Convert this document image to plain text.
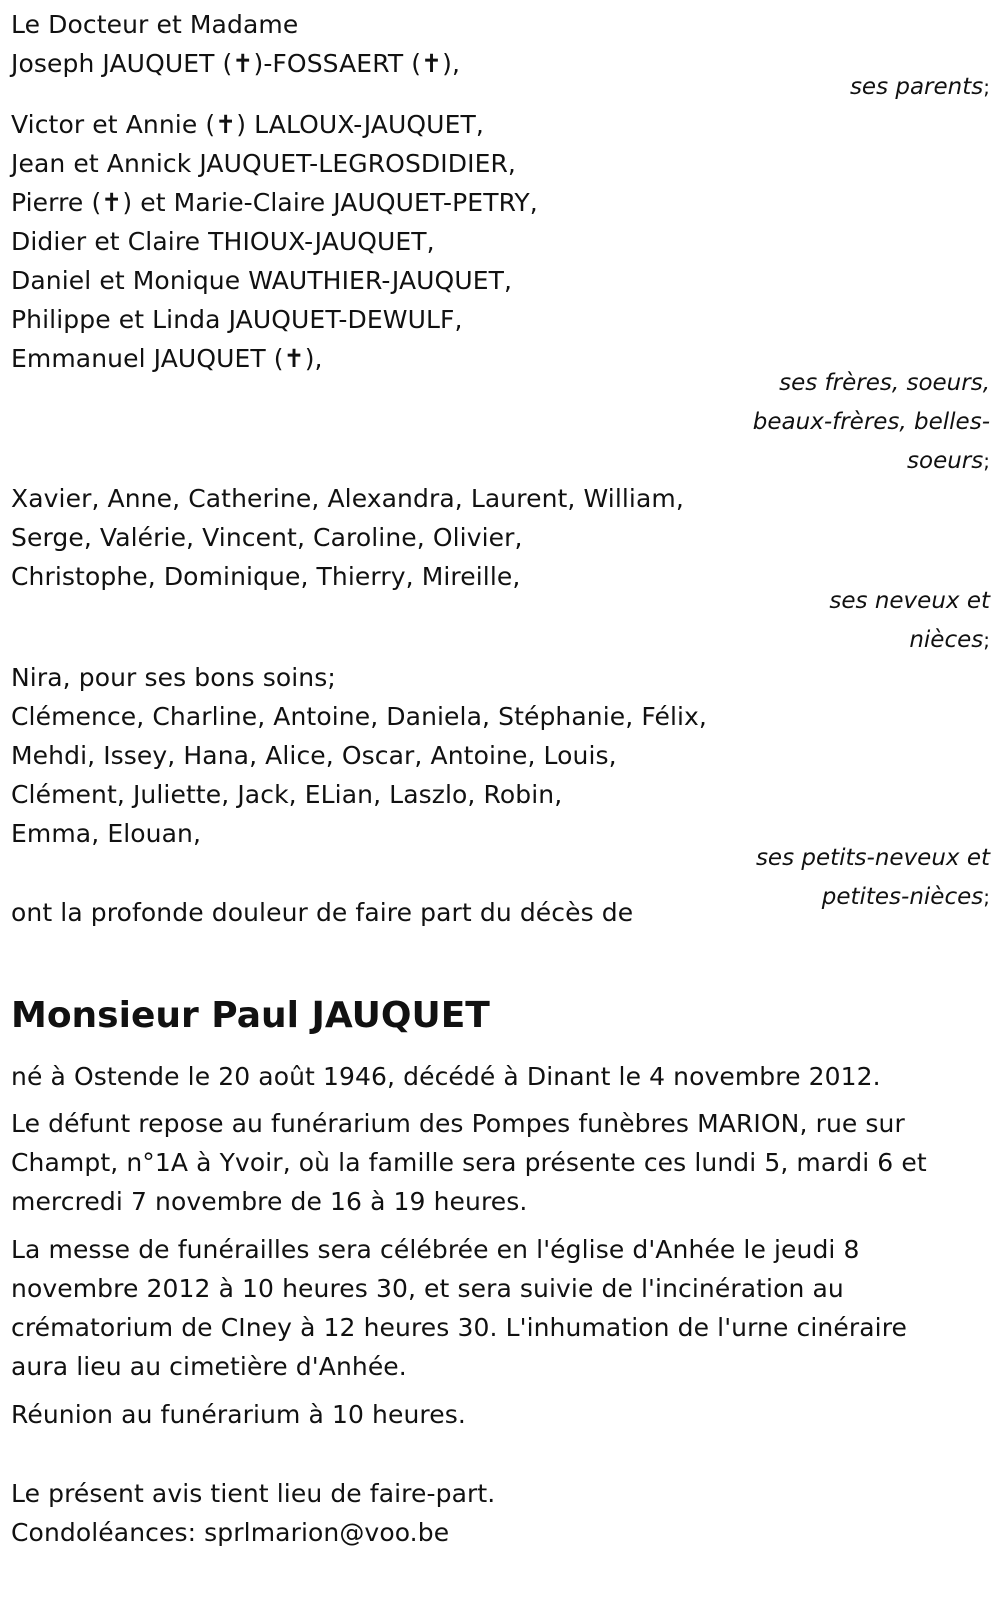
Le Docteur et Madame
Joseph JAUQUET (✝)-FOSSAERT (✝),
ses parents;
Victor et Annie (✝) LALOUX-JAUQUET,
Jean et Annick JAUQUET-LEGROSDIDIER,
Pierre (✝) et Marie-Claire JAUQUET-PETRY,
Didier et Claire THIOUX-JAUQUET,
Daniel et Monique WAUTHIER-JAUQUET,
Philippe et Linda JAUQUET-DEWULF,
Emmanuel JAUQUET (✝),
ses frères, soeurs,
beaux-frères, belles-
soeurs;
Xavier, Anne, Catherine, Alexandra, Laurent, William,
Serge, Valérie, Vincent, Caroline, Olivier,
Christophe, Dominique, Thierry, Mireille,
ses neveux et
nièces;
Nira, pour ses bons soins;
Clémence, Charline, Antoine, Daniela, Stéphanie, Félix,
Mehdi, Issey, Hana, Alice, Oscar, Antoine, Louis,
Clément, Juliette, Jack, ELian, Laszlo, Robin,
Emma, Elouan,
ses petits-neveux et
petites-nièces;
ont la profonde douleur de faire part du décès de
Monsieur Paul JAUQUET
né à Ostende le 20 août 1946, décédé à Dinant le 4 novembre 2012.
Le défunt repose au funérarium des Pompes funèbres MARION, rue sur
Champt, n°1A à Yvoir, où la famille sera présente ces lundi 5, mardi 6 et
mercredi 7 novembre de 16 à 19 heures.
La messe de funérailles sera célébrée en l'église d'Anhée le jeudi 8
novembre 2012 à 10 heures 30, et sera suivie de l'incinération au
crématorium de CIney à 12 heures 30. L'inhumation de l'urne cinéraire
aura lieu au cimetière d'Anhée.
Réunion au funérarium à 10 heures.
Le présent avis tient lieu de faire-part.
Condoléances: sprlmarion@voo.be
